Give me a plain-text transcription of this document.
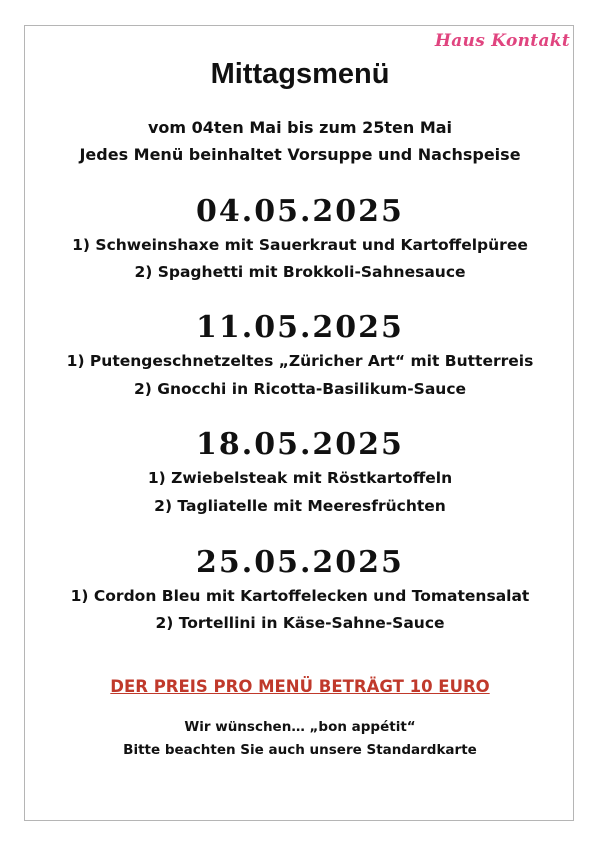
Haus Kontakt
Mittagsmenü
vom 04ten Mai bis zum 25ten Mai
Jedes Menü beinhaltet Vorsuppe und Nachspeise
04.05.2025
1) Schweinshaxe mit Sauerkraut und Kartoffelpüree
2) Spaghetti mit Brokkoli-Sahnesauce
11.05.2025
1) Putengeschnetzeltes „Züricher Art“ mit Butterreis
2) Gnocchi in Ricotta-Basilikum-Sauce
18.05.2025
1) Zwiebelsteak mit Röstkartoffeln
2) Tagliatelle mit Meeresfrüchten
25.05.2025
1) Cordon Bleu mit Kartoffelecken und Tomatensalat
2) Tortellini in Käse-Sahne-Sauce
DER PREIS PRO MENÜ BETRÄGT 10 EURO
Wir wünschen… „bon appétit“
Bitte beachten Sie auch unsere Standardkarte
